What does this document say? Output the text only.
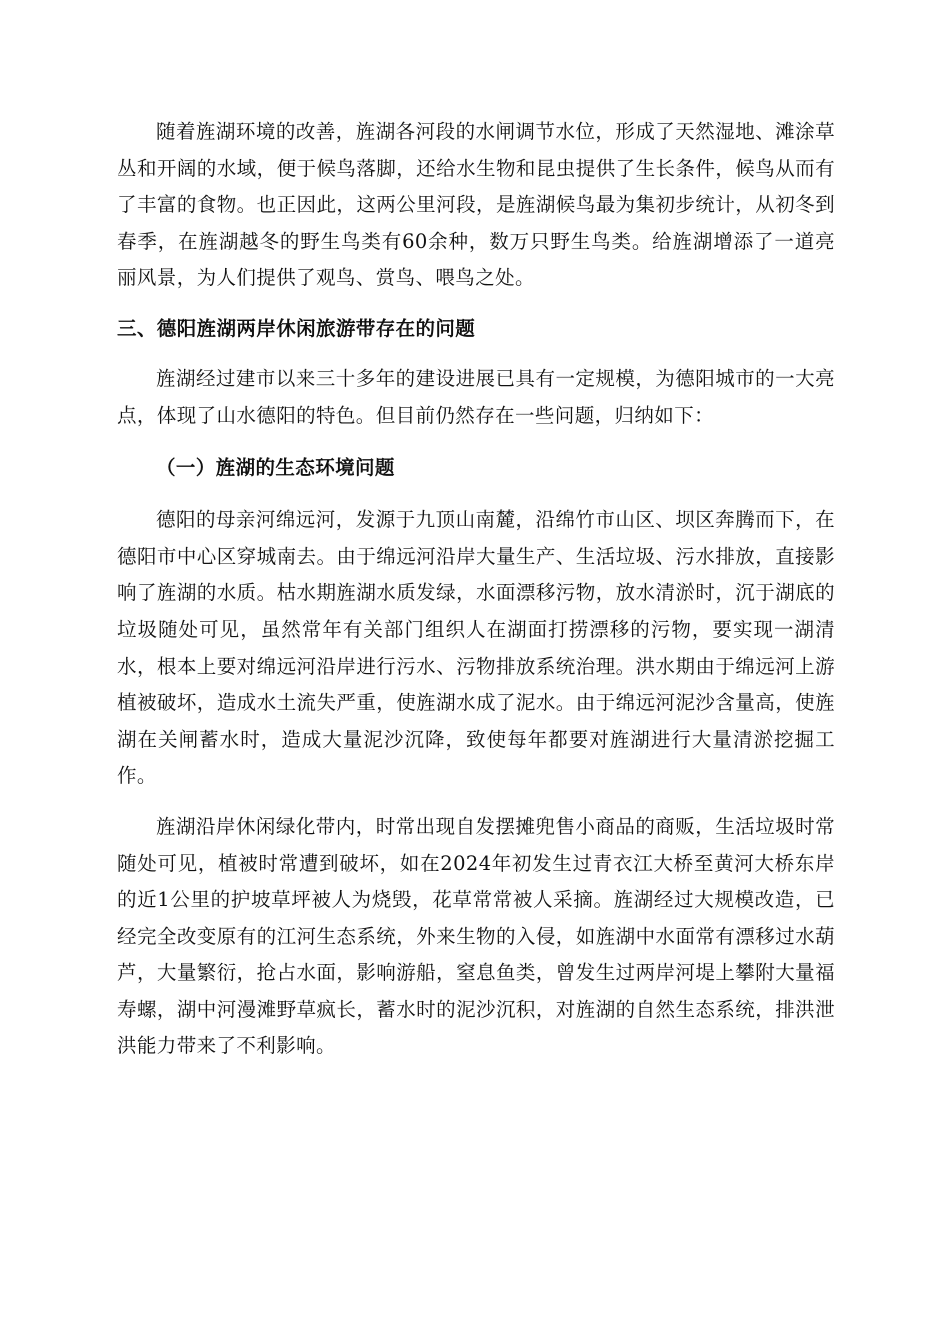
随着旌湖环境的改善，旌湖各河段的水闸调节水位，形成了天然湿地、滩涂草丛和开阔的水域，便于候鸟落脚，还给水生物和昆虫提供了生长条件，候鸟从而有了丰富的食物。也正因此，这两公里河段，是旌湖候鸟最为集初步统计，从初冬到春季，在旌湖越冬的野生鸟类有60余种，数万只野生鸟类。给旌湖增添了一道亮丽风景，为人们提供了观鸟、赏鸟、喂鸟之处。

三、德阳旌湖两岸休闲旅游带存在的问题

旌湖经过建市以来三十多年的建设进展已具有一定规模，为德阳城市的一大亮点，体现了山水德阳的特色。但目前仍然存在一些问题，归纳如下：

（一）旌湖的生态环境问题

德阳的母亲河绵远河，发源于九顶山南麓，沿绵竹市山区、坝区奔腾而下，在德阳市中心区穿城南去。由于绵远河沿岸大量生产、生活垃圾、污水排放，直接影响了旌湖的水质。枯水期旌湖水质发绿，水面漂移污物，放水清淤时，沉于湖底的垃圾随处可见，虽然常年有关部门组织人在湖面打捞漂移的污物，要实现一湖清水，根本上要对绵远河沿岸进行污水、污物排放系统治理。洪水期由于绵远河上游植被破坏，造成水土流失严重，使旌湖水成了泥水。由于绵远河泥沙含量高，使旌湖在关闸蓄水时，造成大量泥沙沉降，致使每年都要对旌湖进行大量清淤挖掘工作。

旌湖沿岸休闲绿化带内，时常出现自发摆摊兜售小商品的商贩，生活垃圾时常随处可见，植被时常遭到破坏，如在2024年初发生过青衣江大桥至黄河大桥东岸的近1公里的护坡草坪被人为烧毁，花草常常被人采摘。旌湖经过大规模改造，已经完全改变原有的江河生态系统，外来生物的入侵，如旌湖中水面常有漂移过水葫芦，大量繁衍，抢占水面，影响游船，窒息鱼类，曾发生过两岸河堤上攀附大量福寿螺，湖中河漫滩野草疯长，蓄水时的泥沙沉积，对旌湖的自然生态系统，排洪泄洪能力带来了不利影响。
